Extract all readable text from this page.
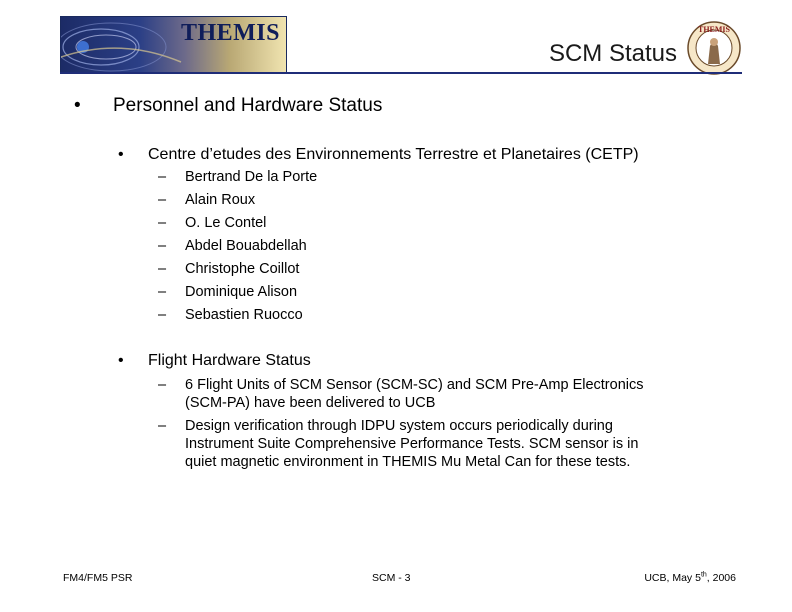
THEMIS
SCM Status
THEMIS
• Personnel and Hardware Status
• Centre d’etudes des Environnements Terrestre et Planetaires (CETP)
– Bertrand De la Porte
– Alain Roux
– O. Le Contel
– Abdel Bouabdellah
– Christophe Coillot
– Dominique Alison
– Sebastien Ruocco
• Flight Hardware Status
– 6 Flight Units of SCM Sensor (SCM-SC) and SCM Pre-Amp Electronics
(SCM-PA) have been delivered to UCB
– Design verification through IDPU system occurs periodically during
Instrument Suite Comprehensive Performance Tests. SCM sensor is in
quiet magnetic environment in THEMIS Mu Metal Can for these tests.
FM4/FM5 PSR	SCM - 3	UCB, May 5th, 2006
